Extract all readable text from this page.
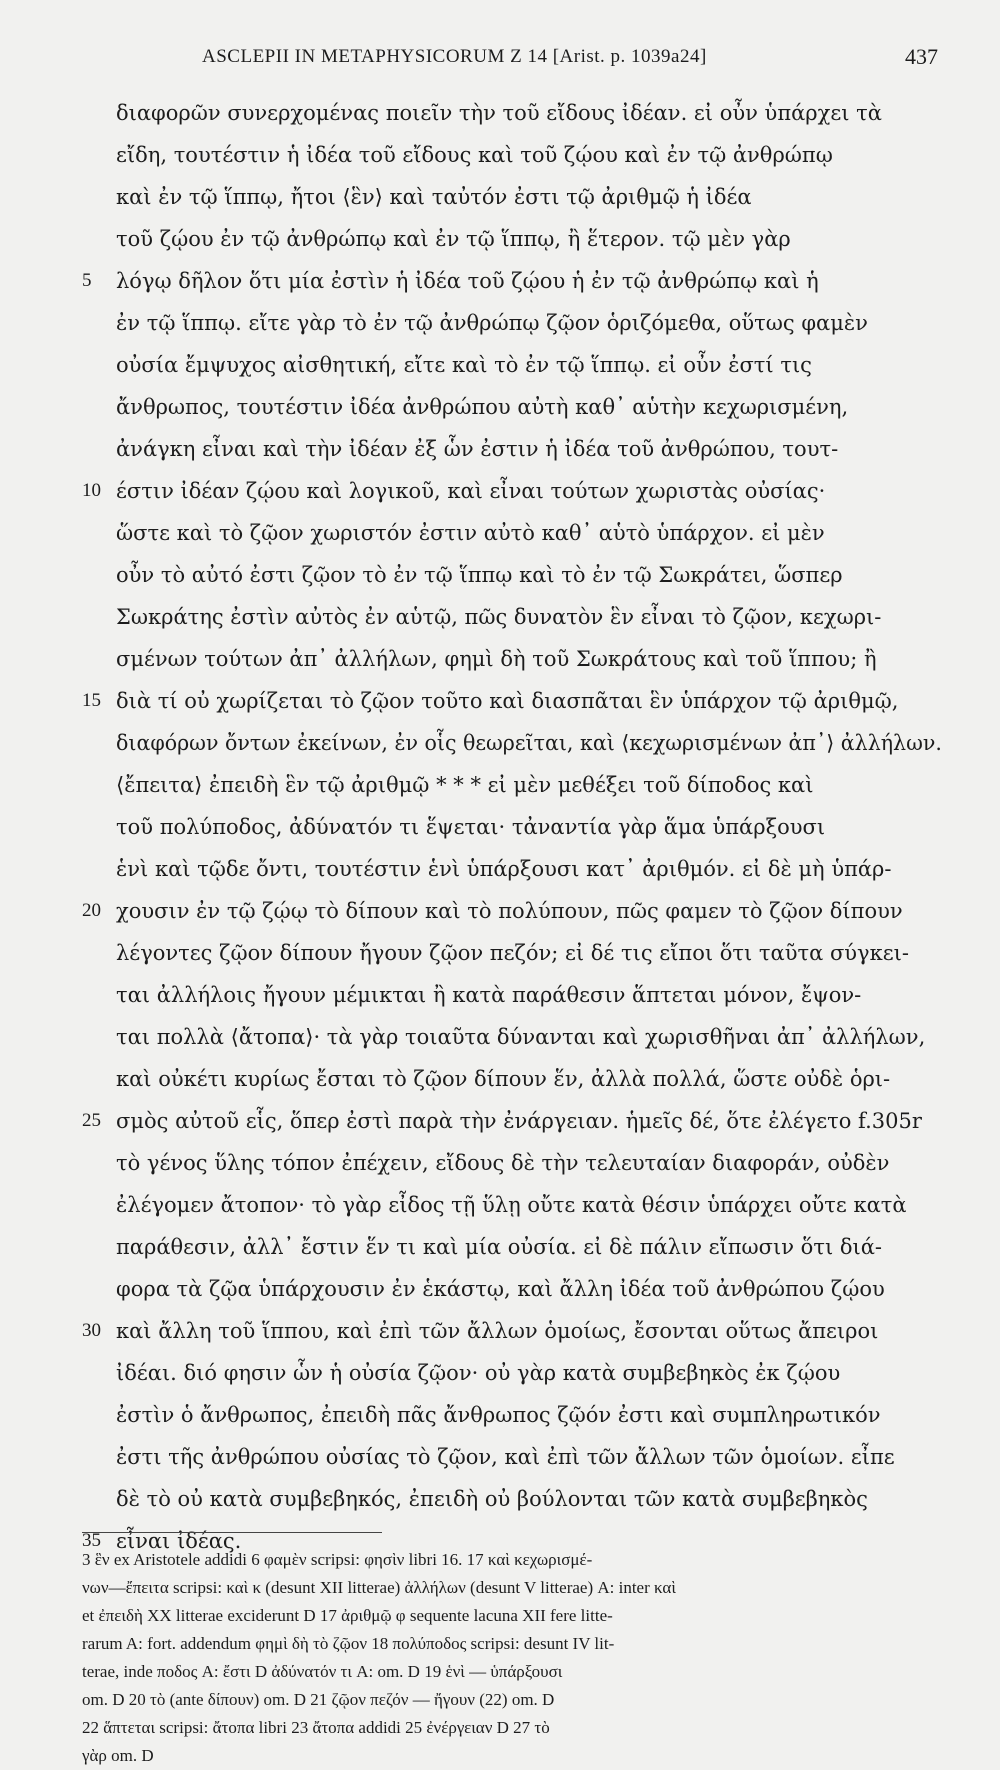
ASCLEPII IN METAPHYSICORUM Z 14 [Arist. p. 1039a24]	437
διαφορῶν συνερχομένας ποιεῖν τὴν τοῦ εἴδους ἰδέαν. εἰ οὖν ὑπάρχει τὰ
εἴδη, τουτέστιν ἡ ἰδέα τοῦ εἴδους καὶ τοῦ ζῴου καὶ ἐν τῷ ἀνθρώπῳ
καὶ ἐν τῷ ἵππῳ, ἤτοι ⟨ἓν⟩ καὶ ταὐτόν ἐστι τῷ ἀριθμῷ ἡ ἰδέα
τοῦ ζῴου ἐν τῷ ἀνθρώπῳ καὶ ἐν τῷ ἵππῳ, ἢ ἕτερον. τῷ μὲν γὰρ
5	λόγῳ δῆλον ὅτι μία ἐστὶν ἡ ἰδέα τοῦ ζῴου ἡ ἐν τῷ ἀνθρώπῳ καὶ ἡ
ἐν τῷ ἵππῳ. εἴτε γὰρ τὸ ἐν τῷ ἀνθρώπῳ ζῷον ὁριζόμεθα, οὕτως φαμὲν
οὐσία ἔμψυχος αἰσθητική, εἴτε καὶ τὸ ἐν τῷ ἵππῳ. εἰ οὖν ἐστί τις
ἄνθρωπος, τουτέστιν ἰδέα ἀνθρώπου αὐτὴ καθ᾽ αὑτὴν κεχωρισμένη,
ἀνάγκη εἶναι καὶ τὴν ἰδέαν ἐξ ὧν ἐστιν ἡ ἰδέα τοῦ ἀνθρώπου, τουτ-
10 έστιν ἰδέαν ζῴου καὶ λογικοῦ, καὶ εἶναι τούτων χωριστὰς οὐσίας·
ὥστε καὶ τὸ ζῷον χωριστόν ἐστιν αὐτὸ καθ᾽ αὑτὸ ὑπάρχον. εἰ μὲν
οὖν τὸ αὐτό ἐστι ζῷον τὸ ἐν τῷ ἵππῳ καὶ τὸ ἐν τῷ Σωκράτει, ὥσπερ
Σωκράτης ἐστὶν αὐτὸς ἐν αὑτῷ, πῶς δυνατὸν ἓν εἶναι τὸ ζῷον, κεχωρι-
σμένων τούτων ἀπ᾽ ἀλλήλων, φημὶ δὴ τοῦ Σωκράτους καὶ τοῦ ἵππου; ἢ
15 διὰ τί οὐ χωρίζεται τὸ ζῷον τοῦτο καὶ διασπᾶται ἓν ὑπάρχον τῷ ἀριθμῷ,
διαφόρων ὄντων ἐκείνων, ἐν οἷς θεωρεῖται, καὶ ⟨κεχωρισμένων ἀπ᾽⟩ ἀλλήλων.
⟨ἔπειτα⟩ ἐπειδὴ ἓν τῷ ἀριθμῷ * * * εἰ μὲν μεθέξει τοῦ δίποδος καὶ
τοῦ πολύποδος, ἀδύνατόν τι ἕψεται· τἀναντία γὰρ ἅμα ὑπάρξουσι
ἑνὶ καὶ τῷδε ὄντι, τουτέστιν ἑνὶ ὑπάρξουσι κατ᾽ ἀριθμόν. εἰ δὲ μὴ ὑπάρ-
20 χουσιν ἐν τῷ ζῴῳ τὸ δίπουν καὶ τὸ πολύπουν, πῶς φαμεν τὸ ζῷον δίπουν
λέγοντες ζῷον δίπουν ἤγουν ζῷον πεζόν; εἰ δέ τις εἴποι ὅτι ταῦτα σύγκει-
ται ἀλλήλοις ἤγουν μέμικται ἢ κατὰ παράθεσιν ἅπτεται μόνον, ἔψον-
ται πολλὰ ⟨ἄτοπα⟩· τὰ γὰρ τοιαῦτα δύνανται καὶ χωρισθῆναι ἀπ᾽ ἀλλήλων,
καὶ οὐκέτι κυρίως ἔσται τὸ ζῷον δίπουν ἕν, ἀλλὰ πολλά, ὥστε οὐδὲ ὁρι-
25 σμὸς αὐτοῦ εἷς, ὅπερ ἐστὶ παρὰ τὴν ἐνάργειαν. ἡμεῖς δέ, ὅτε ἐλέγετο f.305r
τὸ γένος ὕλης τόπον ἐπέχειν, εἴδους δὲ τὴν τελευταίαν διαφοράν, οὐδὲν
ἐλέγομεν ἄτοπον· τὸ γὰρ εἶδος τῇ ὕλῃ οὔτε κατὰ θέσιν ὑπάρχει οὔτε κατὰ
παράθεσιν, ἀλλ᾽ ἔστιν ἕν τι καὶ μία οὐσία. εἰ δὲ πάλιν εἴπωσιν ὅτι διά-
φορα τὰ ζῷα ὑπάρχουσιν ἐν ἑκάστῳ, καὶ ἄλλη ἰδέα τοῦ ἀνθρώπου ζῴου
30 καὶ ἄλλη τοῦ ἵππου, καὶ ἐπὶ τῶν ἄλλων ὁμοίως, ἔσονται οὕτως ἄπειροι
ἰδέαι. διό φησιν ὧν ἡ οὐσία ζῷον· οὐ γὰρ κατὰ συμβεβηκὸς ἐκ ζῴου
ἐστὶν ὁ ἄνθρωπος, ἐπειδὴ πᾶς ἄνθρωπος ζῷόν ἐστι καὶ συμπληρωτικόν
ἐστι τῆς ἀνθρώπου οὐσίας τὸ ζῷον, καὶ ἐπὶ τῶν ἄλλων τῶν ὁμοίων. εἶπε
δὲ τὸ οὐ κατὰ συμβεβηκός, ἐπειδὴ οὐ βούλονται τῶν κατὰ συμβεβηκὸς
35 εἶναι ἰδέας.
3 ἓν ex Aristotele addidi 6 φαμὲν scripsi: φησὶν libri 16. 17 καὶ κεχωρισμέ-
νων—ἔπειτα scripsi: καὶ κ (desunt XII litterae) ἀλλήλων (desunt V litterae) A: inter καὶ
et ἐπειδὴ XX litterae exciderunt D 17 ἀριθμῷ φ sequente lacuna XII fere litte-
rarum A: fort. addendum φημὶ δὴ τὸ ζῷον 18 πολύποδος scripsi: desunt IV lit-
terae, inde ποδος A: ἔστι D ἀδύνατόν τι A: om. D 19 ἑνὶ — ὑπάρξουσι
om. D 20 τὸ (ante δίπουν) om. D 21 ζῷον πεζόν — ἤγουν (22) om. D
22 ἅπτεται scripsi: ἄτοπα libri 23 ἄτοπα addidi 25 ἐνέργειαν D 27 τὸ
γὰρ om. D
